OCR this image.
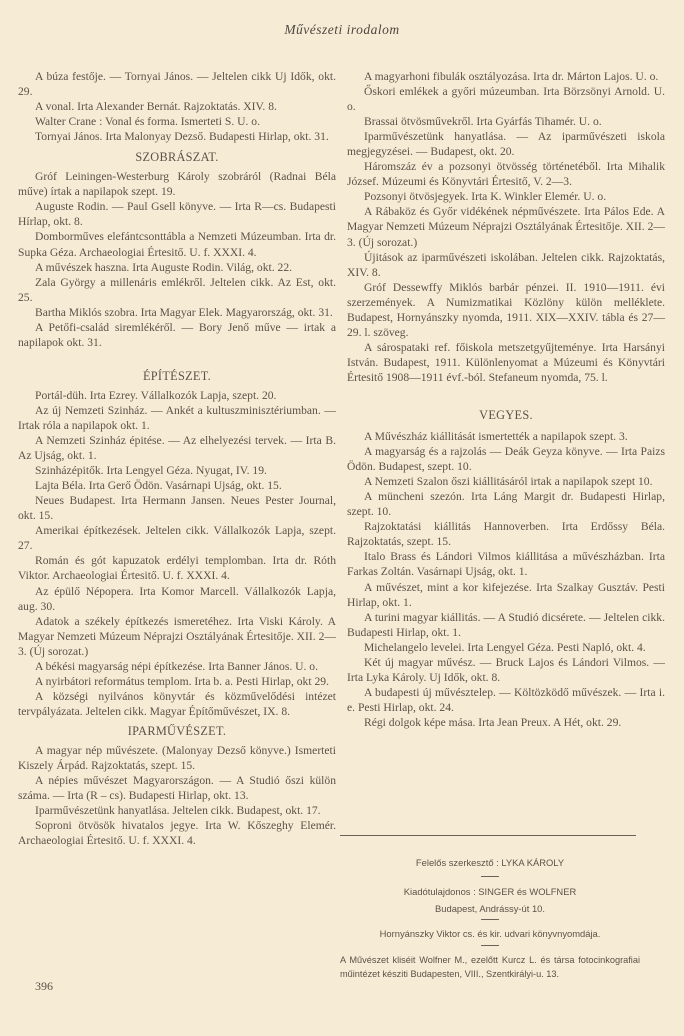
Művészeti irodalom

A búza festője. — Tornyai János. — Jeltelen cikk Uj Idők, okt. 29.

A vonal. Irta Alexander Bernát. Rajzoktatás. XIV. 8.

Walter Crane : Vonal és forma. Ismerteti S. U. o.

Tornyai János. Irta Malonyay Dezső. Budapesti Hirlap, okt. 31.

SZOBRÁSZAT.

Gróf Leiningen-Westerburg Károly szobráról (Radnai Béla műve) írtak a napilapok szept. 19.

Auguste Rodin. — Paul Gsell könyve. — Irta R—cs. Budapesti Hírlap, okt. 8.

Domborműves elefántcsonttábla a Nemzeti Múzeumban. Irta dr. Supka Géza. Archaeologiai Értesitő. U. f. XXXI. 4.

A művészek haszna. Irta Auguste Rodin. Világ, okt. 22.

Zala György a millenáris emlékről. Jeltelen cikk. Az Est, okt. 25.

Bartha Miklós szobra. Irta Magyar Elek. Magyarország, okt. 31.

A Petőfi-család siremlékéről. — Bory Jenő műve — irtak a napilapok okt. 31.

ÉPÍTÉSZET.

Portál-düh. Irta Ezrey. Vállalkozók Lapja, szept. 20.

Az új Nemzeti Szinház. — Ankét a kultuszminisztériumban. — Irtak róla a napilapok okt. 1.

A Nemzeti Szinház épitése. — Az elhelyezési tervek. — Irta B. Az Ujság, okt. 1.

Szinházépitők. Irta Lengyel Géza. Nyugat, IV. 19.

Lajta Béla. Irta Gerő Ödön. Vasárnapi Ujság, okt. 15.

Neues Budapest. Irta Hermann Jansen. Neues Pester Journal, okt. 15.

Amerikai építkezések. Jeltelen cikk. Vállalkozók Lapja, szept. 27.

Román és gót kapuzatok erdélyi templomban. Irta dr. Róth Viktor. Archaeologiai Értesitő. U. f. XXXI. 4.

Az épülő Népopera. Irta Komor Marcell. Vállalkozók Lapja, aug. 30.

Adatok a székely építkezés ismeretéhez. Irta Viski Károly. A Magyar Nemzeti Múzeum Néprajzi Osztályának Értesitője. XII. 2—3. (Új sorozat.)

A békési magyarság népi építkezése. Irta Banner János. U. o.

A nyirbátori református templom. Irta b. a. Pesti Hirlap, okt 29.

A községi nyilvános könyvtár és közművelődési intézet tervpályázata. Jeltelen cikk. Magyar Építőművészet, IX. 8.

IPARMŰVÉSZET.

A magyar nép művészete. (Malonyay Dezső könyve.) Ismerteti Kiszely Árpád. Rajzoktatás, szept. 15.

A népies művészet Magyarországon. — A Studió őszi külön száma. — Irta (R – cs). Budapesti Hirlap, okt. 13.

Iparművészetünk hanyatlása. Jeltelen cikk. Budapest, okt. 17.

Soproni ötvösök hivatalos jegye. Irta W. Kőszeghy Elemér. Archaeologiai Értesitő. U. f. XXXI. 4.

396

A magyarhoni fibulák osztályozása. Irta dr. Márton Lajos. U. o.

Őskori emlékek a győri múzeumban. Irta Börzsönyi Arnold. U. o.

Brassai ötvösművekről. Irta Gyárfás Tihamér. U. o.

Iparművészetünk hanyatlása. — Az iparművészeti iskola megjegyzései. — Budapest, okt. 20.

Háromszáz év a pozsonyi ötvösség történetéből. Irta Mihalik József. Múzeumi és Könyvtári Értesitő, V. 2—3.

Pozsonyi ötvösjegyek. Irta K. Winkler Elemér. U. o.

A Rábaköz és Győr vidékének népművészete. Irta Pálos Ede. A Magyar Nemzeti Múzeum Néprajzi Osztályának Értesitője. XII. 2—3. (Új sorozat.)

Újitások az iparművészeti iskolában. Jeltelen cikk. Rajzoktatás, XIV. 8.

Gróf Dessewffy Miklós barbár pénzei. II. 1910—1911. évi szerzemények. A Numizmatikai Közlöny külön melléklete. Budapest, Hornyánszky nyomda, 1911. XIX—XXIV. tábla és 27—29. l. szöveg.

A sárospataki ref. főiskola metszetgyűjteménye. Irta Harsányi István. Budapest, 1911. Különlenyomat a Múzeumi és Könyvtári Értesitő 1908—1911 évf.-ból. Stefaneum nyomda, 75. l.

VEGYES.

A Művészház kiállitását ismertették a napilapok szept. 3.

A magyarság és a rajzolás — Deák Geyza könyve. — Irta Paizs Ödön. Budapest, szept. 10.

A Nemzeti Szalon őszi kiállitásáról irtak a napilapok szept 10.

A müncheni szezón. Irta Láng Margit dr. Budapesti Hirlap, szept. 10.

Rajzoktatási kiállitás Hannoverben. Irta Erdőssy Béla. Rajzoktatás, szept. 15.

Italo Brass és Lándori Vilmos kiállitása a művészházban. Irta Farkas Zoltán. Vasárnapi Ujság, okt. 1.

A művészet, mint a kor kifejezése. Irta Szalkay Gusztáv. Pesti Hirlap, okt. 1.

A turini magyar kiállitás. — A Studió dicsérete. — Jeltelen cikk. Budapesti Hirlap, okt. 1.

Michelangelo levelei. Irta Lengyel Géza. Pesti Napló, okt. 4.

Két új magyar művész. — Bruck Lajos és Lándori Vilmos. — Irta Lyka Károly. Uj Idők, okt. 8.

A budapesti új művésztelep. — Költözködő művészek. — Irta i. e. Pesti Hirlap, okt. 24.

Régi dolgok képe mása. Irta Jean Preux. A Hét, okt. 29.

Felelős szerkesztő : LYKA KÁROLY
Kiadótulajdonos : SINGER és WOLFNER
Budapest, Andrássy-út 10.
Hornyánszky Viktor cs. és kir. udvari könyvnyomdája.
A Művészet kliséit Wolfner M., ezelőtt Kurcz L. és társa fotocinkografiai műintézet késziti Budapesten, VIII., Szentkirályi-u. 13.
